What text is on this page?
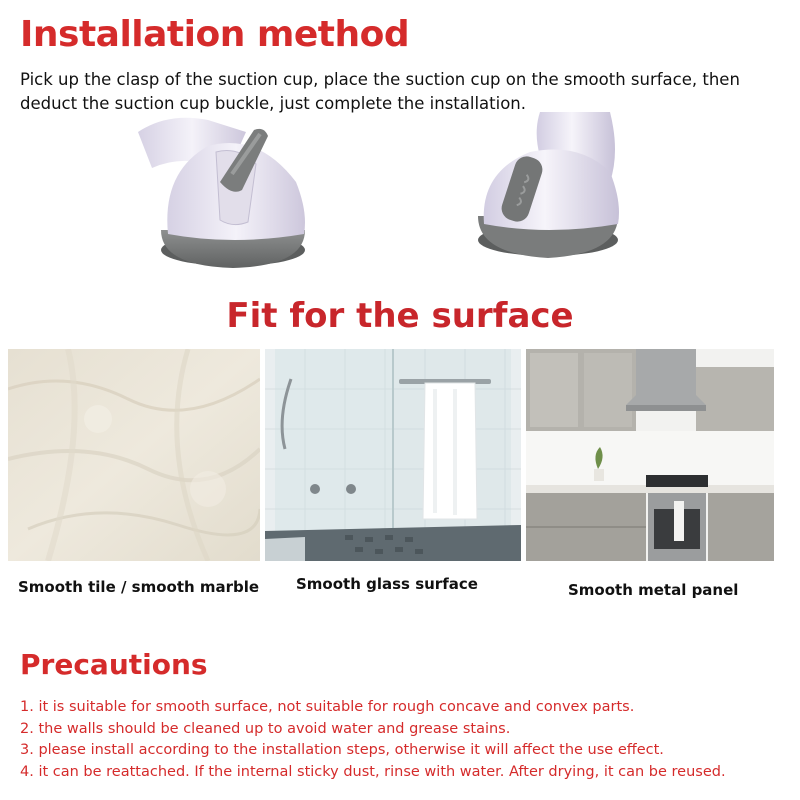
Installation method

Pick up the clasp of the suction cup, place the suction cup on the smooth surface, then deduct the suction cup buckle, just complete the installation.

Fit for the surface
Smooth tile / smooth marble Smooth glass surface	Smooth metal panel
Precautions
1. it is suitable for smooth surface, not suitable for rough concave and convex parts.
2. the walls should be cleaned up to avoid water and grease stains.
3. please install according to the installation steps, otherwise it will affect the use effect.
4. it can be reattached. If the internal sticky dust, rinse with water. After drying, it can be reused.
